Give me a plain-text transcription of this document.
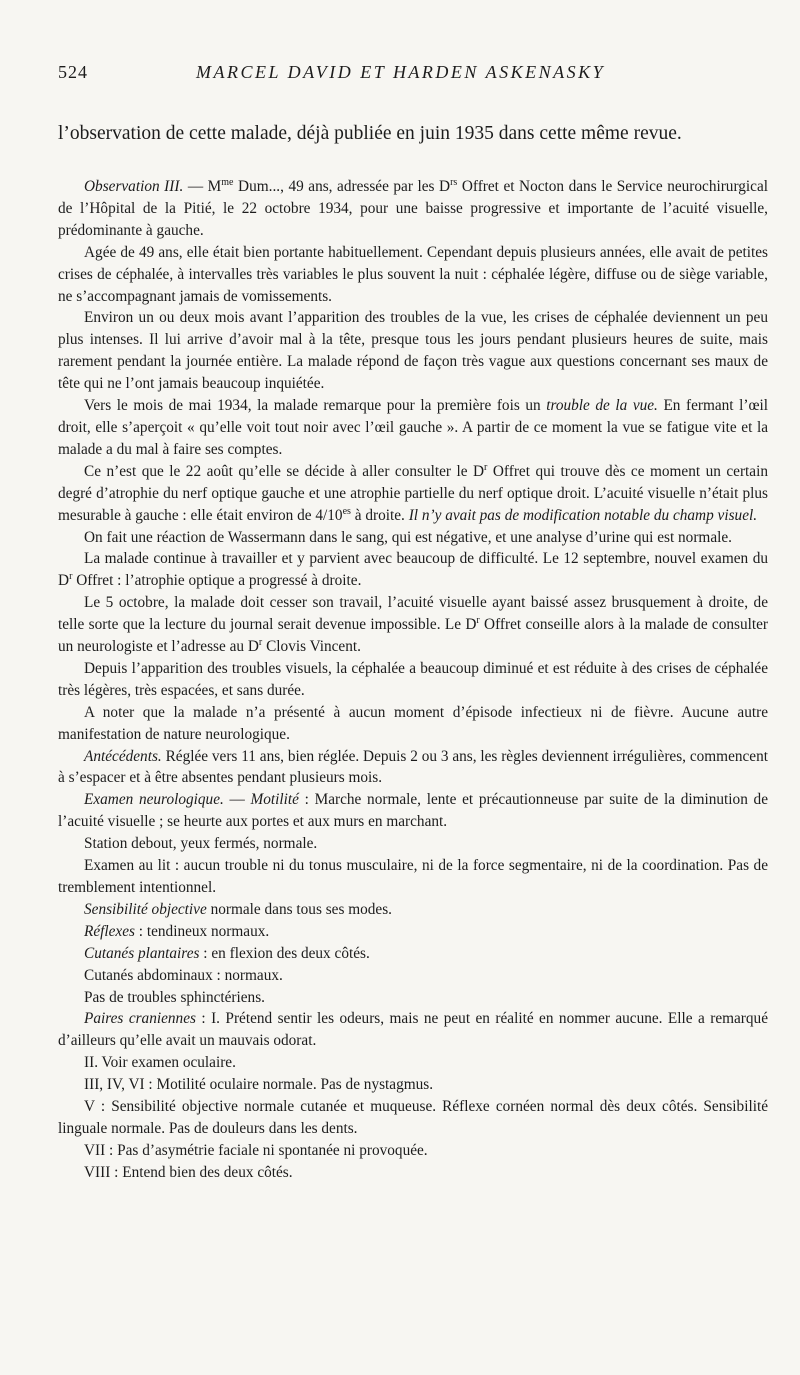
524	MARCEL DAVID ET HARDEN ASKENASKY

l’observation de cette malade, déjà publiée en juin 1935 dans cette même revue.

Observation III. — $M^{me}$ Dum..., 49 ans, adressée par les $D^{rs}$ Offret et Nocton dans le Service neurochirurgical de l’Hôpital de la Pitié, le 22 octobre 1934, pour une baisse progressive et importante de l’acuité visuelle, prédominante à gauche.

Agée de 49 ans, elle était bien portante habituellement. Cependant depuis plusieurs années, elle avait de petites crises de céphalée, à intervalles très variables le plus souvent la nuit : céphalée légère, diffuse ou de siège variable, ne s’accompagnant jamais de vomissements.

Environ un ou deux mois avant l’apparition des troubles de la vue, les crises de céphalée deviennent un peu plus intenses. Il lui arrive d’avoir mal à la tête, presque tous les jours pendant plusieurs heures de suite, mais rarement pendant la journée entière. La malade répond de façon très vague aux questions concernant ses maux de tête qui ne l’ont jamais beaucoup inquiétée.

Vers le mois de mai 1934, la malade remarque pour la première fois un trouble de la vue. En fermant l’œil droit, elle s’aperçoit « qu’elle voit tout noir avec l’œil gauche ». A partir de ce moment la vue se fatigue vite et la malade a du mal à faire ses comptes.

Ce n’est que le 22 août qu’elle se décide à aller consulter le $D^r$ Offret qui trouve dès ce moment un certain degré d’atrophie du nerf optique gauche et une atrophie partielle du nerf optique droit. L’acuité visuelle n’était plus mesurable à gauche : elle était environ de $4/10^{es}$ à droite. Il n’y avait pas de modification notable du champ visuel.

On fait une réaction de Wassermann dans le sang, qui est négative, et une analyse d’urine qui est normale.

La malade continue à travailler et y parvient avec beaucoup de difficulté. Le 12 septembre, nouvel examen du $D^r$ Offret : l’atrophie optique a progressé à droite.

Le 5 octobre, la malade doit cesser son travail, l’acuité visuelle ayant baissé assez brusquement à droite, de telle sorte que la lecture du journal serait devenue impossible. Le $D^r$ Offret conseille alors à la malade de consulter un neurologiste et l’adresse au $D^r$ Clovis Vincent.

Depuis l’apparition des troubles visuels, la céphalée a beaucoup diminué et est réduite à des crises de céphalée très légères, très espacées, et sans durée.

A noter que la malade n’a présenté à aucun moment d’épisode infectieux ni de fièvre. Aucune autre manifestation de nature neurologique.

Antécédents. Réglée vers 11 ans, bien réglée. Depuis 2 ou 3 ans, les règles deviennent irrégulières, commencent à s’espacer et à être absentes pendant plusieurs mois.

Examen neurologique. — Motilité : Marche normale, lente et précautionneuse par suite de la diminution de l’acuité visuelle ; se heurte aux portes et aux murs en marchant.

Station debout, yeux fermés, normale.

Examen au lit : aucun trouble ni du tonus musculaire, ni de la force segmentaire, ni de la coordination. Pas de tremblement intentionnel.

Sensibilité objective normale dans tous ses modes.

Réflexes : tendineux normaux.

Cutanés plantaires : en flexion des deux côtés.

Cutanés abdominaux : normaux.

Pas de troubles sphinctériens.

Paires craniennes : I. Prétend sentir les odeurs, mais ne peut en réalité en nommer aucune. Elle a remarqué d’ailleurs qu’elle avait un mauvais odorat.

II. Voir examen oculaire.

III, IV, VI : Motilité oculaire normale. Pas de nystagmus.

V : Sensibilité objective normale cutanée et muqueuse. Réflexe cornéen normal dès deux côtés. Sensibilité linguale normale. Pas de douleurs dans les dents.

VII : Pas d’asymétrie faciale ni spontanée ni provoquée.

VIII : Entend bien des deux côtés.
